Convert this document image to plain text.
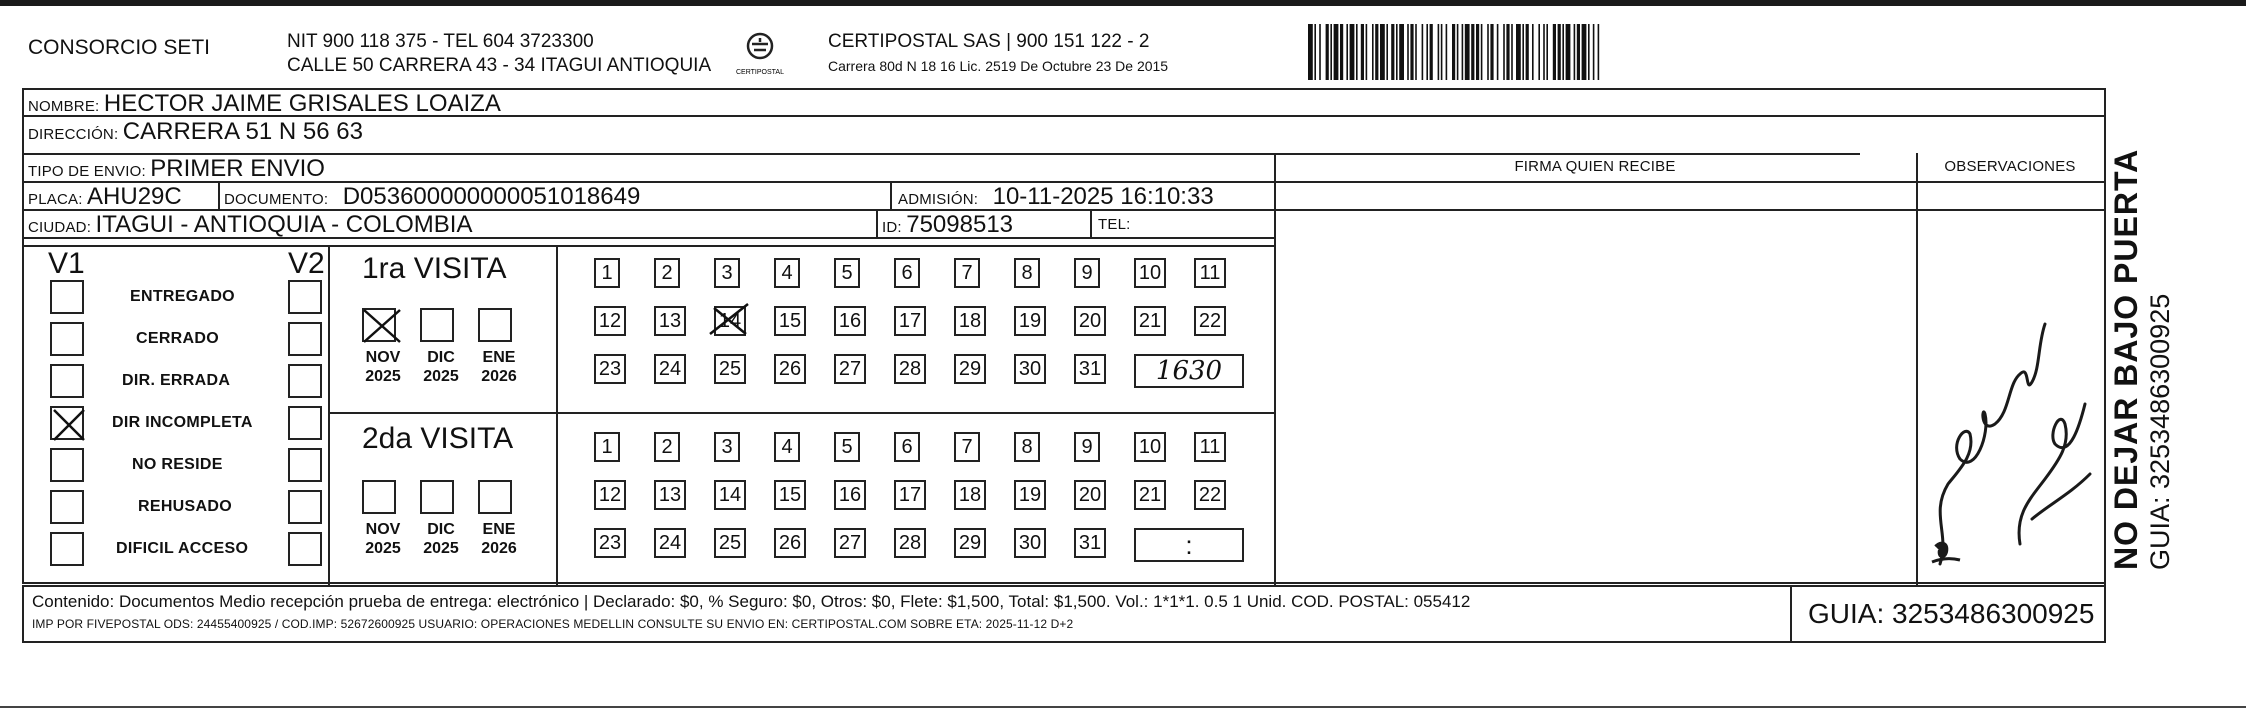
CONSORCIO SETI	NIT 900 118 375 - TEL 604 3723300
CALLE 50 CARRERA 43 - 34 ITAGUI ANTIOQUIA	CERTIPOSTAL
CERTIPOSTAL SAS | 900 151 122 - 2
Carrera 80d N 18 16 Lic. 2519 De Octubre 23 De 2015
NOMBRE: HECTOR JAIME GRISALES LOAIZA
DIRECCIÓN: CARRERA 51 N 56 63
TIPO DE ENVIO: PRIMER ENVIO	FIRMA QUIEN RECIBE	OBSERVACIONES
PLACA: AHU29C	DOCUMENTO: D053600000000051018649	ADMISIÓN: 10-11-2025 16:10:33
CIUDAD: ITAGUI - ANTIOQUIA - COLOMBIA	ID: 75098513	TEL:
V1	V2
ENTREGADO
CERRADO
DIR. ERRADA
DIR INCOMPLETA
NO RESIDE
REHUSADO
DIFICIL ACCESO
1ra VISITA
2da VISITA
1	2	3	4	5	6	7	8	9	10 11
12 13 14 15 16 17 18 19 20 21 22
23 24 25 26 27 28 29 30 31	1630
1	2	3	4	5	6	7	8	9	10 11
12 13 14 15 16 17 18 19 20 21 22
23 24 25 26 27 28 29 30 31	:
NOV
2025
DIC
2025
ENE
2026
NOV
2025
DIC
2025
ENE
2026
Contenido: Documentos Medio recepción prueba de entrega: electrónico | Declarado: $0, % Seguro: $0, Otros: $0, Flete: $1,500, Total: $1,500. Vol.: 1*1*1. 0.5 1 Unid. COD. POSTAL: 055412
IMP POR FIVEPOSTAL ODS: 24455400925 / COD.IMP: 52672600925 USUARIO: OPERACIONES MEDELLIN CONSULTE SU ENVIO EN: CERTIPOSTAL.COM SOBRE ETA: 2025-11-12 D+2	GUIA: 3253486300925
NO DEJAR BAJO PUERTA GUIA: 3253486300925
